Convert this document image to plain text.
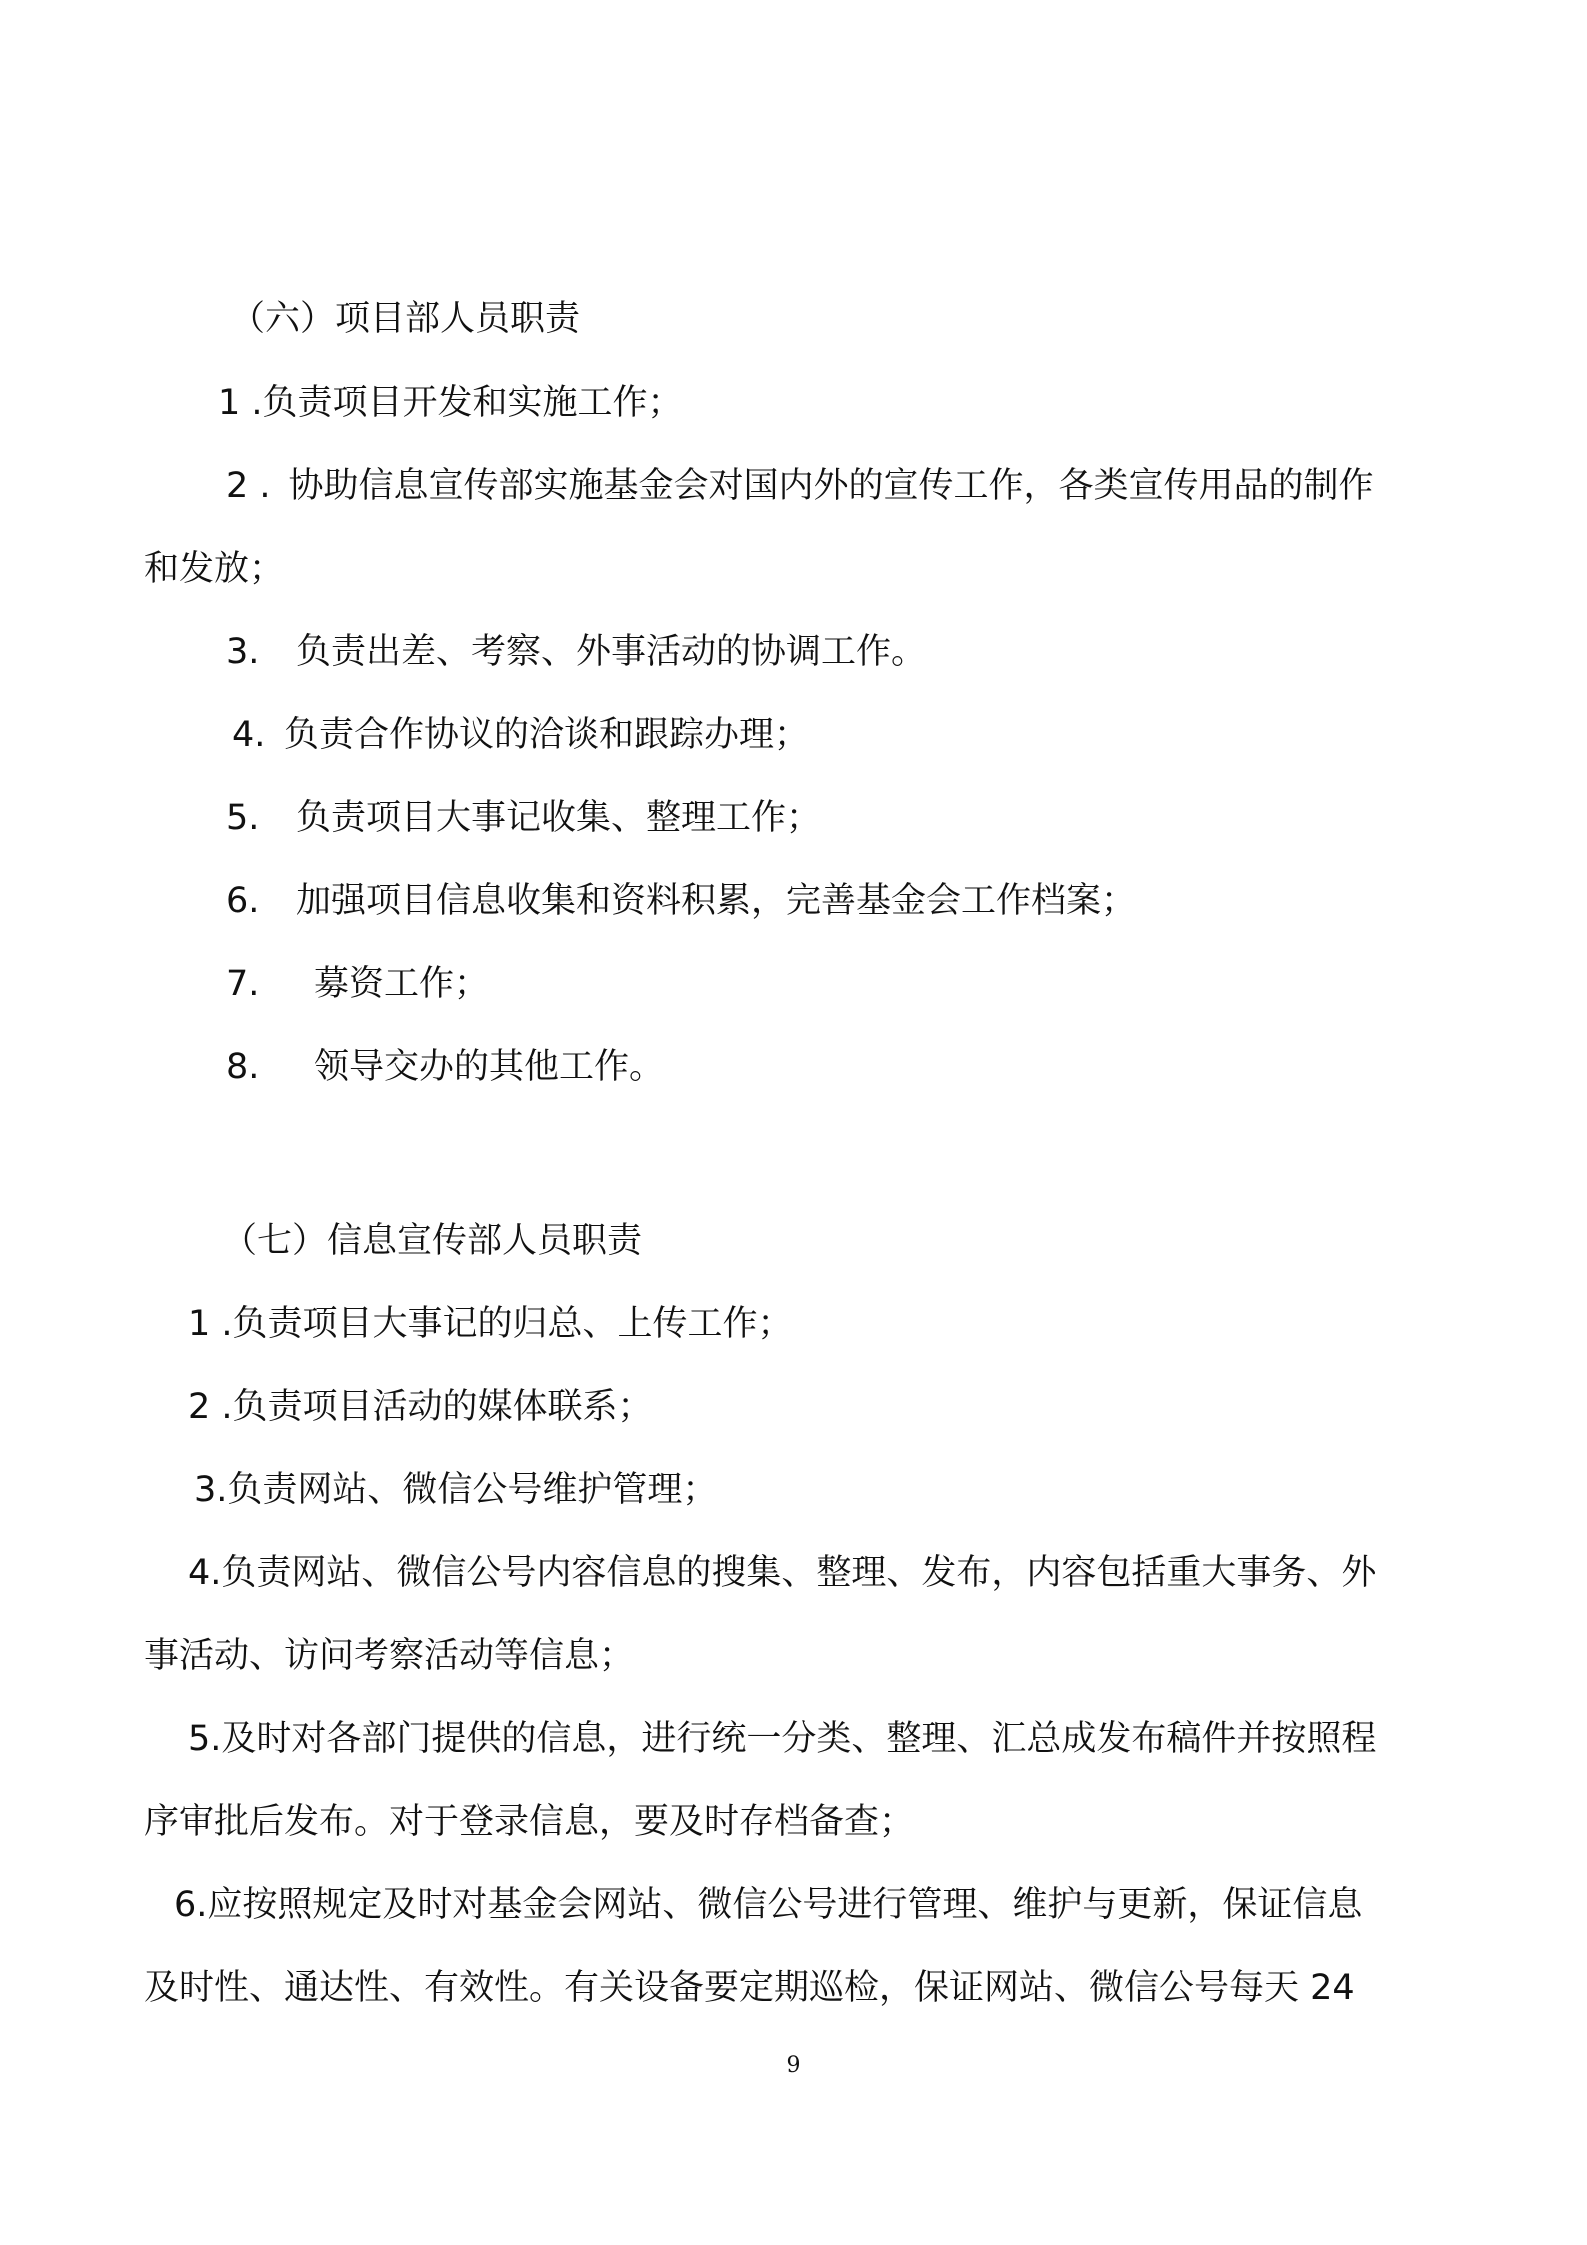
（六）项目部人员职责
1 .负责项目开发和实施工作；
2 . 协助信息宣传部实施基金会对国内外的宣传工作，各类宣传用品的制作
和发放；
3. 负责出差、考察、外事活动的协调工作。
4. 负责合作协议的洽谈和跟踪办理；
5. 负责项目大事记收集、整理工作；
6. 加强项目信息收集和资料积累，完善基金会工作档案；
7. 募资工作；
8. 领导交办的其他工作。
（七）信息宣传部人员职责
1 .负责项目大事记的归总、上传工作；
2 .负责项目活动的媒体联系；
3.负责网站、微信公号维护管理；
4.负责网站、微信公号内容信息的搜集、整理、发布，内容包括重大事务、外
事活动、访问考察活动等信息；
5.及时对各部门提供的信息，进行统一分类、整理、汇总成发布稿件并按照程
序审批后发布。对于登录信息，要及时存档备查；
6.应按照规定及时对基金会网站、微信公号进行管理、维护与更新，保证信息
及时性、通达性、有效性。有关设备要定期巡检，保证网站、微信公号每天 24
9
